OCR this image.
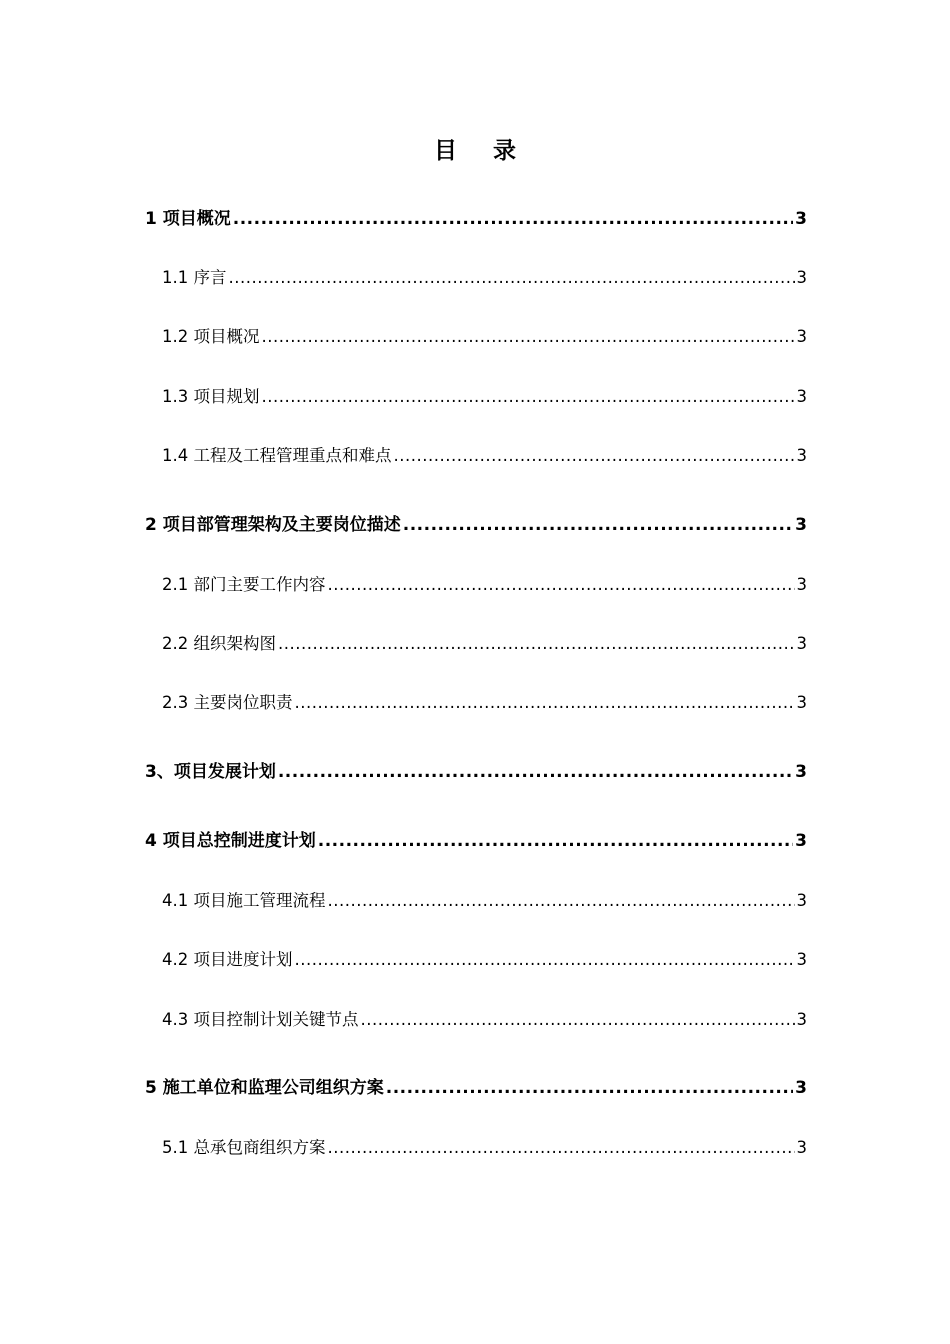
目 录
1 项目概况 .....	3
1.1 序言 .....	3
1.2 项目概况 .....	3
1.3 项目规划 .....	3
1.4 工程及工程管理重点和难点 .....	3
2 项目部管理架构及主要岗位描述 .....	3
2.1 部门主要工作内容 .....	3
2.2 组织架构图 .....	3
2.3 主要岗位职责 .....	3
3、项目发展计划 .....	3
4 项目总控制进度计划 .....	3
4.1 项目施工管理流程 .....	3
4.2 项目进度计划 .....	3
4.3 项目控制计划关键节点 .....	3
5 施工单位和监理公司组织方案 .....	3
5.1 总承包商组织方案 .....	3
